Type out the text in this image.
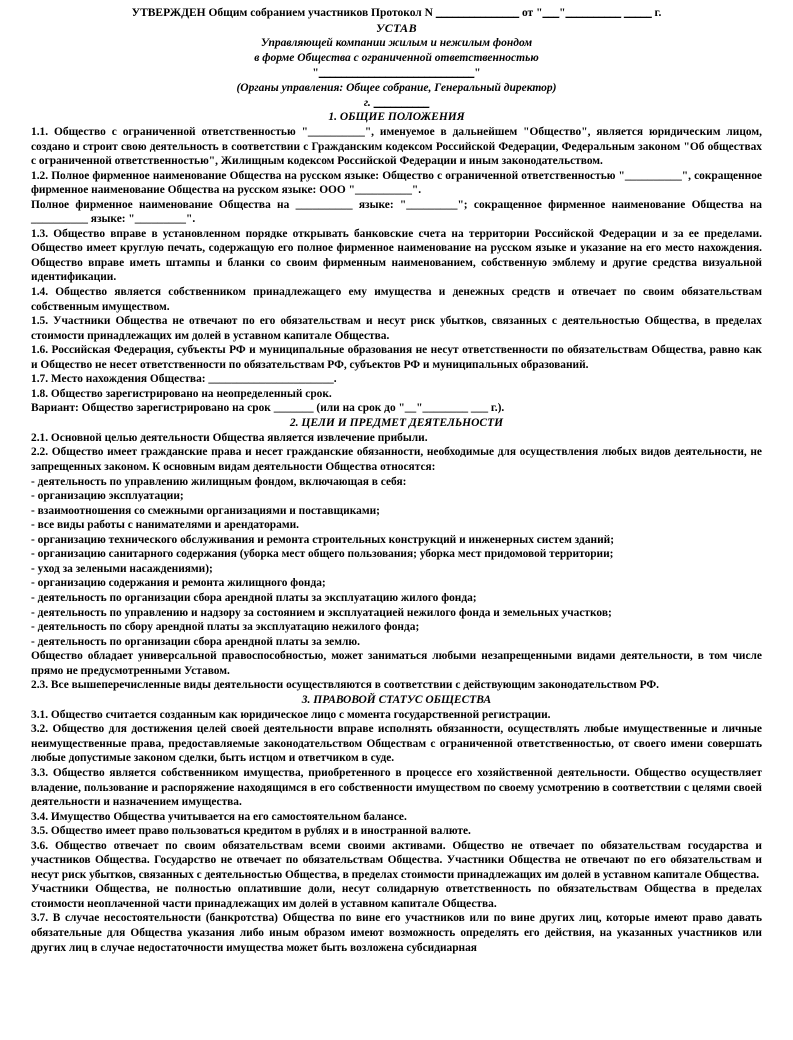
УТВЕРЖДЕН Общим собранием участников Протокол N _______________ от "___"__________ _____ г.
УСТАВ
Управляющей компании жилым и нежилым фондом
в форме Общества с ограниченной ответственностью
"____________________________"
(Органы управления: Общее собрание, Генеральный директор)
г. __________
1. ОБЩИЕ ПОЛОЖЕНИЯ

1.1. Общество с ограниченной ответственностью "__________", именуемое в дальнейшем "Общество", является юридическим лицом, создано и строит свою деятельность в соответствии с Гражданским кодексом Российской Федерации, Федеральным законом "Об обществах с ограниченной ответственностью", Жилищным кодексом Российской Федерации и иным законодательством.

1.2. Полное фирменное наименование Общества на русском языке: Общество с ограниченной ответственностью "__________", сокращенное фирменное наименование Общества на русском языке: ООО "__________".

Полное фирменное наименование Общества на __________ языке: "_________"; сокращенное фирменное наименование Общества на __________ языке: "_________".

1.3. Общество вправе в установленном порядке открывать банковские счета на территории Российской Федерации и за ее пределами. Общество имеет круглую печать, содержащую его полное фирменное наименование на русском языке и указание на его место нахождения. Общество вправе иметь штампы и бланки со своим фирменным наименованием, собственную эмблему и другие средства визуальной идентификации.

1.4. Общество является собственником принадлежащего ему имущества и денежных средств и отвечает по своим обязательствам собственным имуществом.

1.5. Участники Общества не отвечают по его обязательствам и несут риск убытков, связанных с деятельностью Общества, в пределах стоимости принадлежащих им долей в уставном капитале Общества.

1.6. Российская Федерация, субъекты РФ и муниципальные образования не несут ответственности по обязательствам Общества, равно как и Общество не несет ответственности по обязательствам РФ, субъектов РФ и муниципальных образований.

1.7. Место нахождения Общества: ______________________.

1.8. Общество зарегистрировано на неопределенный срок.

Вариант: Общество зарегистрировано на срок _______ (или на срок до "__"________ ___ г.).

2. ЦЕЛИ И ПРЕДМЕТ ДЕЯТЕЛЬНОСТИ

2.1. Основной целью деятельности Общества является извлечение прибыли.

2.2. Общество имеет гражданские права и несет гражданские обязанности, необходимые для осуществления любых видов деятельности, не запрещенных законом. К основным видам деятельности Общества относятся:

- деятельность по управлению жилищным фондом, включающая в себя:

- организацию эксплуатации;

- взаимоотношения со смежными организациями и поставщиками;

- все виды работы с нанимателями и арендаторами.

- организацию технического обслуживания и ремонта строительных конструкций и инженерных систем зданий;

- организацию санитарного содержания (уборка мест общего пользования; уборка мест придомовой территории;

- уход за зелеными насаждениями);

- организацию содержания и ремонта жилищного фонда;

- деятельность по организации сбора арендной платы за эксплуатацию жилого фонда;

- деятельность по управлению и надзору за состоянием и эксплуатацией нежилого фонда и земельных участков;

- деятельность по сбору арендной платы за эксплуатацию нежилого фонда;

- деятельность по организации сбора арендной платы за землю.

Общество обладает универсальной правоспособностью, может заниматься любыми незапрещенными видами деятельности, в том числе прямо не предусмотренными Уставом.

2.3. Все вышеперечисленные виды деятельности осуществляются в соответствии с действующим законодательством РФ.

3. ПРАВОВОЙ СТАТУС ОБЩЕСТВА

3.1. Общество считается созданным как юридическое лицо с момента государственной регистрации.

3.2. Общество для достижения целей своей деятельности вправе исполнять обязанности, осуществлять любые имущественные и личные неимущественные права, предоставляемые законодательством Обществам с ограниченной ответственностью, от своего имени совершать любые допустимые законом сделки, быть истцом и ответчиком в суде.

3.3. Общество является собственником имущества, приобретенного в процессе его хозяйственной деятельности. Общество осуществляет владение, пользование и распоряжение находящимся в его собственности имуществом по своему усмотрению в соответствии с целями своей деятельности и назначением имущества.

3.4. Имущество Общества учитывается на его самостоятельном балансе.

3.5. Общество имеет право пользоваться кредитом в рублях и в иностранной валюте.

3.6. Общество отвечает по своим обязательствам всеми своими активами. Общество не отвечает по обязательствам государства и участников Общества. Государство не отвечает по обязательствам Общества. Участники Общества не отвечают по его обязательствам и несут риск убытков, связанных с деятельностью Общества, в пределах стоимости принадлежащих им долей в уставном капитале Общества.

Участники Общества, не полностью оплатившие доли, несут солидарную ответственность по обязательствам Общества в пределах стоимости неоплаченной части принадлежащих им долей в уставном капитале Общества.

3.7. В случае несостоятельности (банкротства) Общества по вине его участников или по вине других лиц, которые имеют право давать обязательные для Общества указания либо иным образом имеют возможность определять его действия, на указанных участников или других лиц в случае недостаточности имущества может быть возложена субсидиарная
